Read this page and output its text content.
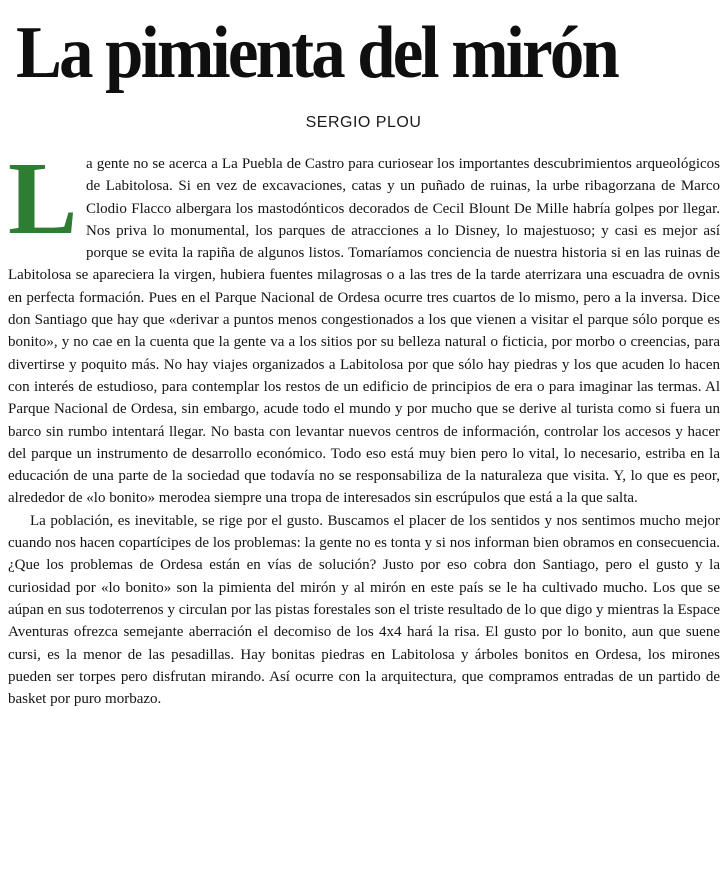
La pimienta del mirón
SERGIO PLOU

La gente no se acerca a La Puebla de Castro para curiosear los importantes descubrimientos arqueológicos de Labitolosa. Si en vez de excavaciones, catas y un puñado de ruinas, la urbe ribagorzana de Marco Clodio Flacco albergara los mastodónticos decorados de Cecil Blount De Mille habría golpes por llegar. Nos priva lo monumental, los parques de atracciones a lo Disney, lo majestuoso; y casi es mejor así porque se evita la rapiña de algunos listos. Tomaríamos conciencia de nuestra historia si en las ruinas de Labitolosa se apareciera la virgen, hubiera fuentes milagrosas o a las tres de la tarde aterrizara una escuadra de ovnis en perfecta formación. Pues en el Parque Nacional de Ordesa ocurre tres cuartos de lo mismo, pero a la inversa. Dice don Santiago que hay que «derivar a puntos menos congestionados a los que vienen a visitar el parque sólo porque es bonito», y no cae en la cuenta que la gente va a los sitios por su belleza natural o ficticia, por morbo o creencias, para divertirse y poquito más. No hay viajes organizados a Labitolosa por que sólo hay piedras y los que acuden lo hacen con interés de estudioso, para contemplar los restos de un edificio de principios de era o para imaginar las termas. Al Parque Nacional de Ordesa, sin embargo, acude todo el mundo y por mucho que se derive al turista como si fuera un barco sin rumbo intentará llegar. No basta con levantar nuevos centros de información, controlar los accesos y hacer del parque un instrumento de desarrollo económico. Todo eso está muy bien pero lo vital, lo necesario, estriba en la educación de una parte de la sociedad que todavía no se responsabiliza de la naturaleza que visita. Y, lo que es peor, alrededor de «lo bonito» merodea siempre una tropa de interesados sin escrúpulos que está a la que salta.

La población, es inevitable, se rige por el gusto. Buscamos el placer de los sentidos y nos sentimos mucho mejor cuando nos hacen copartícipes de los problemas: la gente no es tonta y si nos informan bien obramos en consecuencia. ¿Que los problemas de Ordesa están en vías de solución? Justo por eso cobra don Santiago, pero el gusto y la curiosidad por «lo bonito» son la pimienta del mirón y al mirón en este país se le ha cultivado mucho. Los que se aúpan en sus todoterrenos y circulan por las pistas forestales son el triste resultado de lo que digo y mientras la Espace Aventuras ofrezca semejante aberración el decomiso de los 4x4 hará la risa. El gusto por lo bonito, aun que suene cursi, es la menor de las pesadillas. Hay bonitas piedras en Labitolosa y árboles bonitos en Ordesa, los mirones pueden ser torpes pero disfrutan mirando. Así ocurre con la arquitectura, que compramos entradas de un partido de basket por puro morbazo.
